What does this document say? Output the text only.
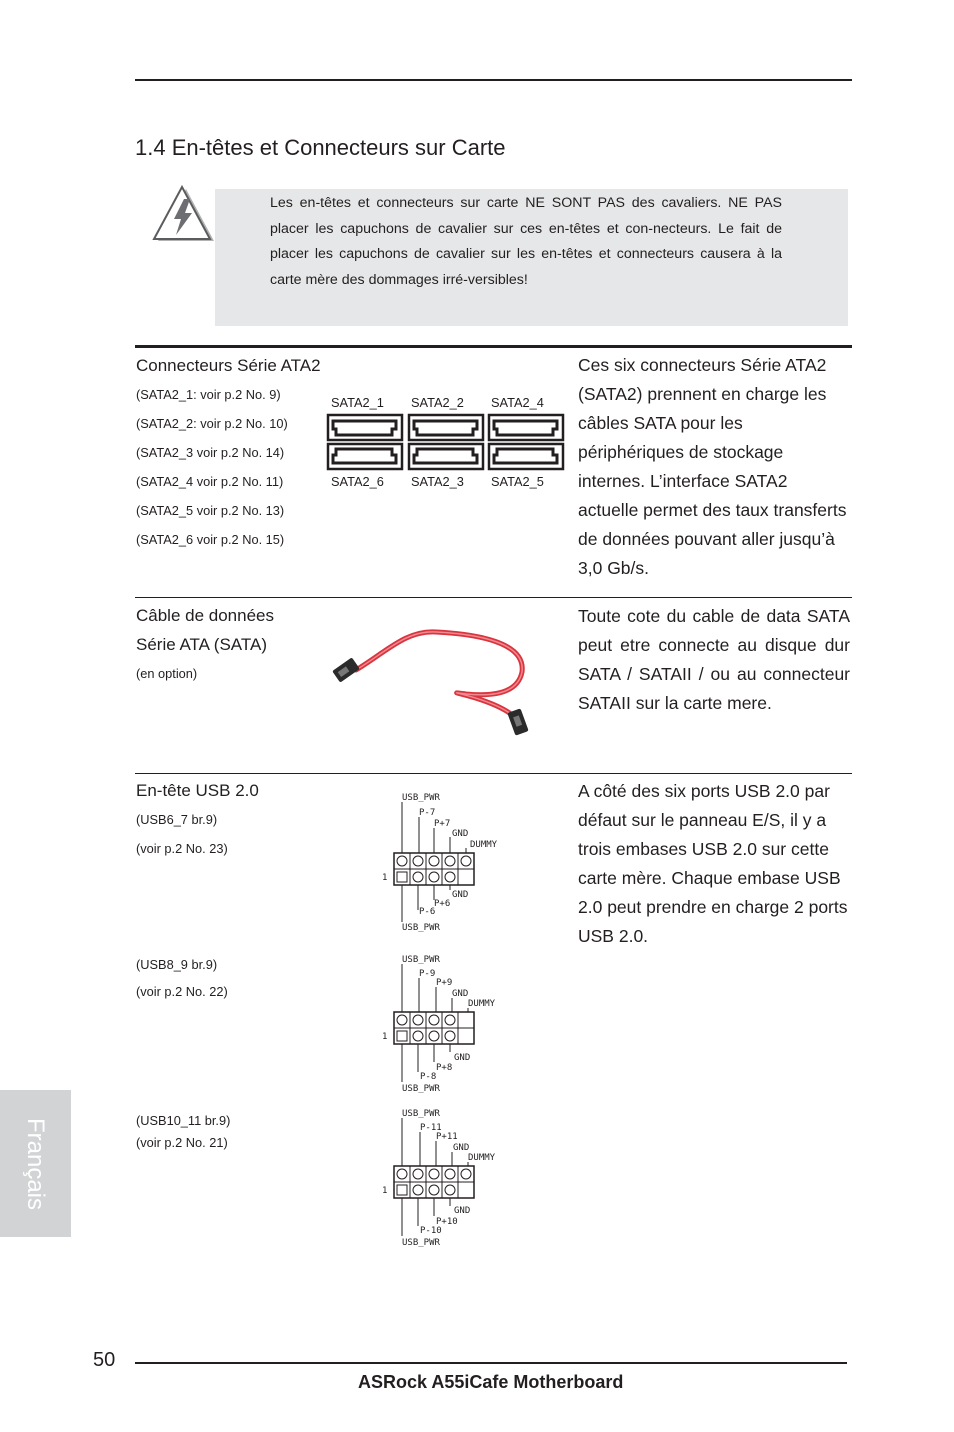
1.4 En-têtes et Connecteurs sur Carte
Les en-têtes et connecteurs sur carte NE SONT PAS des cavaliers. NE PAS placer les capuchons de cavalier sur ces en-têtes et con-necteurs. Le fait de placer les capuchons de cavalier sur les en-têtes et connecteurs causera à la carte mère des dommages irré-versibles!
Connecteurs Série ATA2
(SATA2_1: voir p.2 No. 9)
(SATA2_2: voir p.2 No. 10)
(SATA2_3 voir p.2 No. 14)
(SATA2_4 voir p.2 No. 11)
(SATA2_5 voir p.2 No. 13)
(SATA2_6 voir p.2 No. 15)
SATA2_1 SATA2_2 SATA2_4
SATA2_6 SATA2_3 SATA2_5
Ces six connecteurs Série ATA2 (SATA2) prennent en charge les câbles SATA pour les périphériques de stockage internes. L’interface SATA2 actuelle permet des taux transferts de données pouvant aller jusqu’à 3,0 Gb/s.
Câble de données
Série ATA (SATA)
(en option)
Toute cote du cable de data SATA peut etre connecte au disque dur SATA / SATAII / ou au connecteur SATAII sur la carte mere.
En-tête USB 2.0	A côté des six ports USB 2.0 par défaut sur le panneau E/S, il y a trois embases USB 2.0 sur cette carte mère. Chaque embase USB 2.0 peut prendre en charge 2 ports USB 2.0.
(USB6_7 br.9)
(voir p.2 No. 23)
(USB8_9 br.9)
(voir p.2 No. 22)
(USB10_11 br.9)
(voir p.2 No. 21)
USB_PWR
P-7
P+7
GND
DUMMY
1
GND
P+6
P-6
USB_PWR
USB_PWR
P-9
P+9
GND
DUMMY
1
GND
P+8
P-8
USB_PWR
USB_PWR
P-11
P+11
GND
DUMMY
1
GND
P+10
P-10
USB_PWR
Français
50
ASRock A55iCafe Motherboard
